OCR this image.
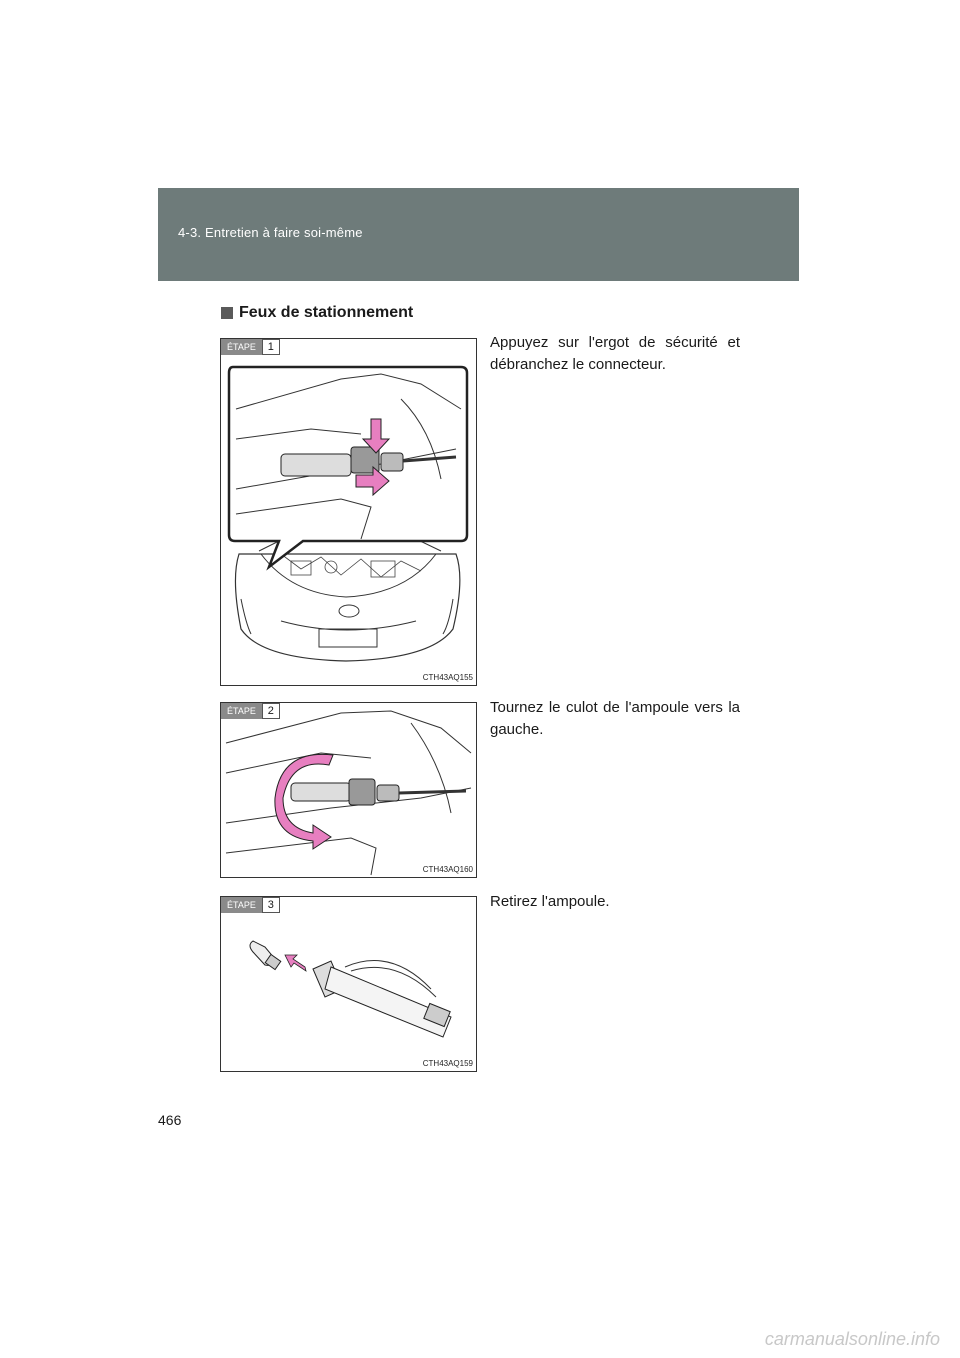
4-3. Entretien à faire soi-même
Feux de stationnement
ÉTAPE	1
CTH43AQ155
Appuyez sur l'ergot de sécurité et débranchez le connecteur.
ÉTAPE	2
CTH43AQ160
Tournez le culot de l'ampoule vers la gauche.
ÉTAPE	3
CTH43AQ159
Retirez l'ampoule.
466
carmanualsonline.info
